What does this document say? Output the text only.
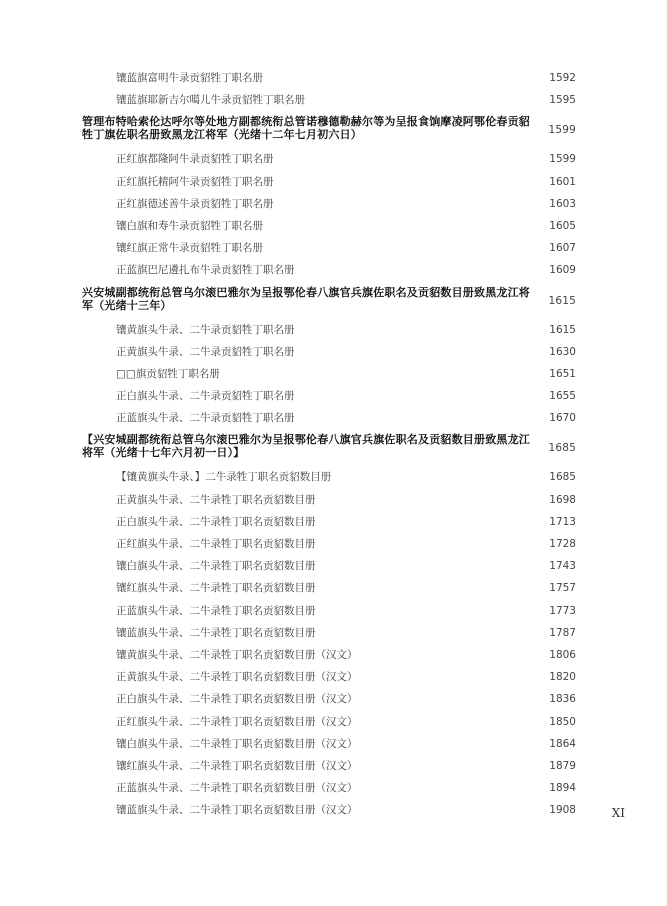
镶蓝旗富明牛录贡貂牲丁职名册	1592
镶蓝旗耶新吉尔噶儿牛录贡貂牲丁职名册	1595
管理布特哈索伦达呼尔等处地方副都统衔总管诺穆德勒赫尔等为呈报食饷摩凌阿鄂伦春贡貂牲丁旗佐职名册致黑龙江将军（光绪十二年七月初六日）	1599
正红旗都隆阿牛录贡貂牲丁职名册	1599
正红旗托精阿牛录贡貂牲丁职名册	1601
正红旗德述善牛录贡貂牲丁职名册	1603
镶白旗和寿牛录贡貂牲丁职名册	1605
镶红旗正常牛录贡貂牲丁职名册	1607
正蓝旗巴尼遴扎布牛录贡貂牲丁职名册	1609
兴安城副都统衔总管乌尔滚巴雅尔为呈报鄂伦春八旗官兵旗佐职名及贡貂数目册致黑龙江将军（光绪十三年）	1615
镶黄旗头牛录、二牛录贡貂牲丁职名册	1615
正黄旗头牛录、二牛录贡貂牲丁职名册	1630
□□旗贡貂牲丁职名册	1651
正白旗头牛录、二牛录贡貂牲丁职名册	1655
正蓝旗头牛录、二牛录贡貂牲丁职名册	1670
【兴安城副都统衔总管乌尔滚巴雅尔为呈报鄂伦春八旗官兵旗佐职名及贡貂数目册致黑龙江将军（光绪十七年六月初一日）】	1685
【镶黄旗头牛录、】二牛录牲丁职名贡貂数目册	1685
正黄旗头牛录、二牛录牲丁职名贡貂数目册	1698
正白旗头牛录、二牛录牲丁职名贡貂数目册	1713
正红旗头牛录、二牛录牲丁职名贡貂数目册	1728
镶白旗头牛录、二牛录牲丁职名贡貂数目册	1743
镶红旗头牛录、二牛录牲丁职名贡貂数目册	1757
正蓝旗头牛录、二牛录牲丁职名贡貂数目册	1773
镶蓝旗头牛录、二牛录牲丁职名贡貂数目册	1787
镶黄旗头牛录、二牛录牲丁职名贡貂数目册（汉文）	1806
正黄旗头牛录、二牛录牲丁职名贡貂数目册（汉文）	1820
正白旗头牛录、二牛录牲丁职名贡貂数目册（汉文）	1836
正红旗头牛录、二牛录牲丁职名贡貂数目册（汉文）	1850
镶白旗头牛录、二牛录牲丁职名贡貂数目册（汉文）	1864
镶红旗头牛录、二牛录牲丁职名贡貂数目册（汉文）	1879
正蓝旗头牛录、二牛录牲丁职名贡貂数目册（汉文）	1894
镶蓝旗头牛录、二牛录牲丁职名贡貂数目册（汉文）	1908	XI
